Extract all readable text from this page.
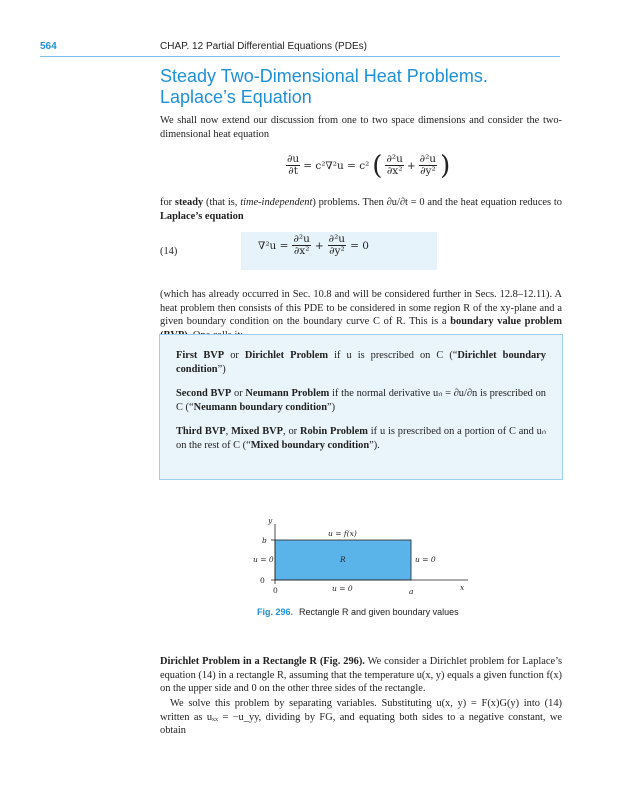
564	CHAP. 12 Partial Differential Equations (PDEs)
Steady Two-Dimensional Heat Problems.
Laplace’s Equation
We shall now extend our discussion from one to two space dimensions and consider the two-dimensional heat equation
$\frac{\partial u}{\partial t} = c^2\nabla^2u = c^2$ ( $\frac{\text{∂²u}}{\text{∂x²}} + \frac{\text{∂²u}}{\text{∂y²}}$ )
for steady (that is, time-independent) problems. Then ∂u/∂t = 0 and the heat equation reduces to Laplace’s equation
(14)	$\nabla^2u = \frac{\text{∂²u}}{\text{∂x²}} + \frac{\text{∂²u}}{\text{∂y²}} = 0$
(which has already occurred in Sec. 10.8 and will be considered further in Secs. 12.8–12.11). A heat problem then consists of this PDE to be considered in some region R of the xy-plane and a given boundary condition on the boundary curve C of R. This is a boundary value problem
First BVP or Dirichlet Problem if u is prescribed on C (“Dirichlet boundary condition”)
Second BVP or Neumann Problem if the normal derivative uₙ = ∂u/∂n is prescribed on C (“Neumann boundary condition”)
Third BVP, Mixed BVP, or Robin Problem if u is prescribed on a portion of C and uₙ on the rest of C (“Mixed boundary condition”).
y
b
0
0	a	x
u = f(x)
u = 0	u = 0
u = 0
R
Fig. 296. Rectangle R and given boundary values
Dirichlet Problem in a Rectangle R (Fig. 296). We consider a Dirichlet problem for Laplace’s equation (14) in a rectangle R, assuming that the temperature u(x, y) equals a given function f(x) on the upper side and 0 on the other three sides of the rectangle.
We solve this problem by separating variables. Substituting u(x, y) = F(x)G(y) into (14) written as uₓₓ = −u_yy, dividing by FG, and equating both sides to a negative constant, we obtain
